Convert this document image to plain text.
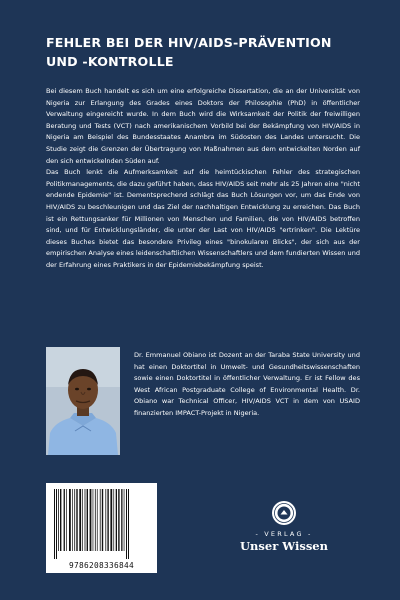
FEHLER BEI DER HIV/AIDS-PRÄVENTION UND -KONTROLLE

Bei diesem Buch handelt es sich um eine erfolgreiche Dissertation, die an der Universität von Nigeria zur Erlangung des Grades eines Doktors der Philosophie (PhD) in öffentlicher Verwaltung eingereicht wurde. In dem Buch wird die Wirksamkeit der Politik der freiwilligen Beratung und Tests (VCT) nach amerikanischem Vorbild bei der Bekämpfung von HIV/AIDS in Nigeria am Beispiel des Bundesstaates Anambra im Südosten des Landes untersucht. Die Studie zeigt die Grenzen der Übertragung von Maßnahmen aus dem entwickelten Norden auf den sich entwickelnden Süden auf.

Das Buch lenkt die Aufmerksamkeit auf die heimtückischen Fehler des strategischen Politikmanagements, die dazu geführt haben, dass HIV/AIDS seit mehr als 25 Jahren eine "nicht endende Epidemie" ist. Dementsprechend schlägt das Buch Lösungen vor, um das Ende von HIV/AIDS zu beschleunigen und das Ziel der nachhaltigen Entwicklung zu erreichen. Das Buch ist ein Rettungsanker für Millionen von Menschen und Familien, die von HIV/AIDS betroffen sind, und für Entwicklungsländer, die unter der Last von HIV/AIDS "ertrinken". Die Lektüre dieses Buches bietet das besondere Privileg eines "binokularen Blicks", der sich aus der empirischen Analyse eines leidenschaftlichen Wissenschaftlers und dem fundierten Wissen und der Erfahrung eines Praktikers in der Epidemiebekämpfung speist.

Dr. Emmanuel Obiano ist Dozent an der Taraba State University und hat einen Doktortitel in Umwelt- und Gesundheitswissenschaften sowie einen Doktortitel in öffentlicher Verwaltung. Er ist Fellow des West African Postgraduate College of Environmental Health. Dr. Obiano war Technical Officer, HIV/AIDS VCT in dem von USAID finanzierten IMPACT-Projekt in Nigeria.
9786208336844
- VERLAG -
Unser Wissen
